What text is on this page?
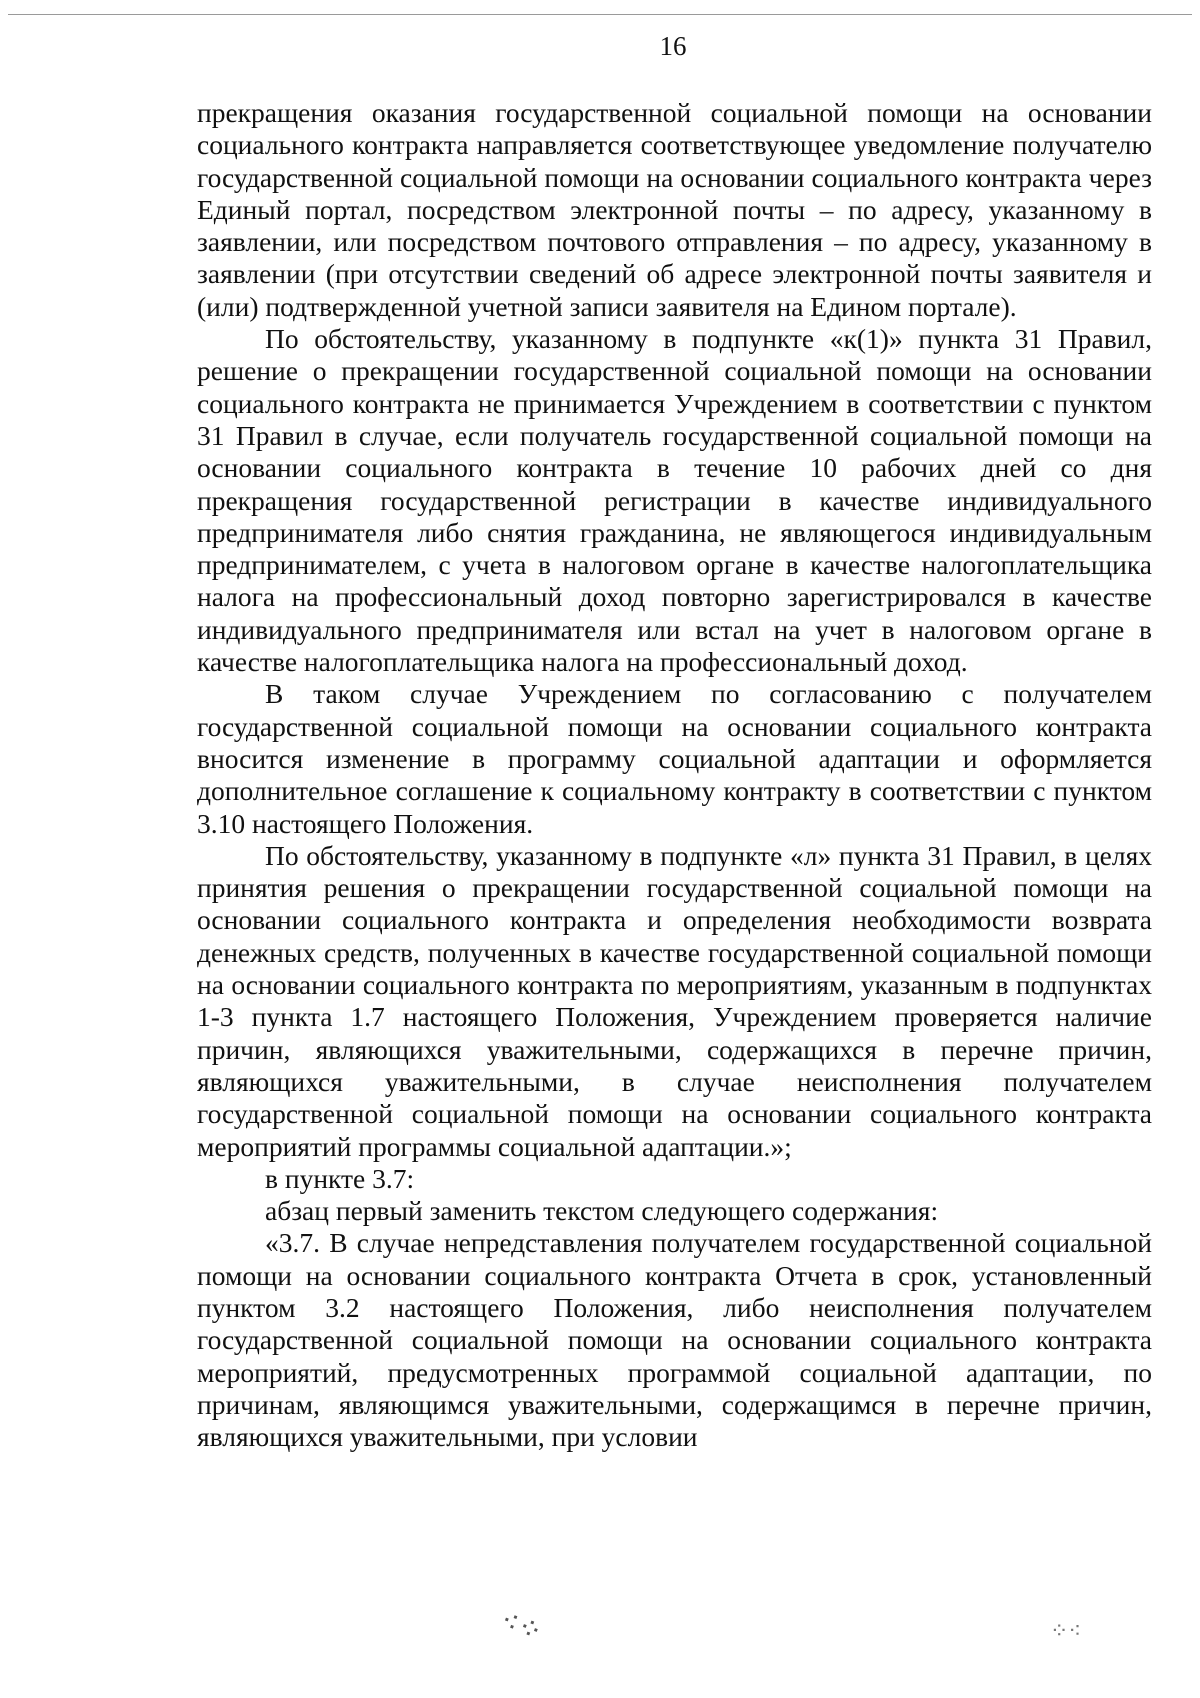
16

прекращения оказания государственной социальной помощи на основании социального контракта направляется соответствующее уведомление получателю государственной социальной помощи на основании социального контракта через Единый портал, посредством электронной почты – по адресу, указанному в заявлении, или посредством почтового отправления – по адресу, указанному в заявлении (при отсутствии сведений об адресе электронной почты заявителя и (или) подтвержденной учетной записи заявителя на Едином портале).

По обстоятельству, указанному в подпункте «к(1)» пункта 31 Правил, решение о прекращении государственной социальной помощи на основании социального контракта не принимается Учреждением в соответствии с пунктом 31 Правил в случае, если получатель государственной социальной помощи на основании социального контракта в течение 10 рабочих дней со дня прекращения государственной регистрации в качестве индивидуального предпринимателя либо снятия гражданина, не являющегося индивидуальным предпринимателем, с учета в налоговом органе в качестве налогоплательщика налога на профессиональный доход повторно зарегистрировался в качестве индивидуального предпринимателя или встал на учет в налоговом органе в качестве налогоплательщика налога на профессиональный доход.

В таком случае Учреждением по согласованию с получателем государственной социальной помощи на основании социального контракта вносится изменение в программу социальной адаптации и оформляется дополнительное соглашение к социальному контракту в соответствии с пунктом 3.10 настоящего Положения.

По обстоятельству, указанному в подпункте «л» пункта 31 Правил, в целях принятия решения о прекращении государственной социальной помощи на основании социального контракта и определения необходимости возврата денежных средств, полученных в качестве государственной социальной помощи на основании социального контракта по мероприятиям, указанным в подпунктах 1-3 пункта 1.7 настоящего Положения, Учреждением проверяется наличие причин, являющихся уважительными, содержащихся в перечне причин, являющихся уважительными, в случае неисполнения получателем государственной социальной помощи на основании социального контракта мероприятий программы социальной адаптации.»;

в пункте 3.7:

абзац первый заменить текстом следующего содержания:

«3.7. В случае непредставления получателем государственной социальной помощи на основании социального контракта Отчета в срок, установленный пунктом 3.2 настоящего Положения, либо неисполнения получателем государственной социальной помощи на основании социального контракта мероприятий, предусмотренных программой социальной адаптации, по причинам, являющимся уважительными, содержащимся в перечне причин, являющихся уважительными, при условии

⁖⁘	⁘⁖
